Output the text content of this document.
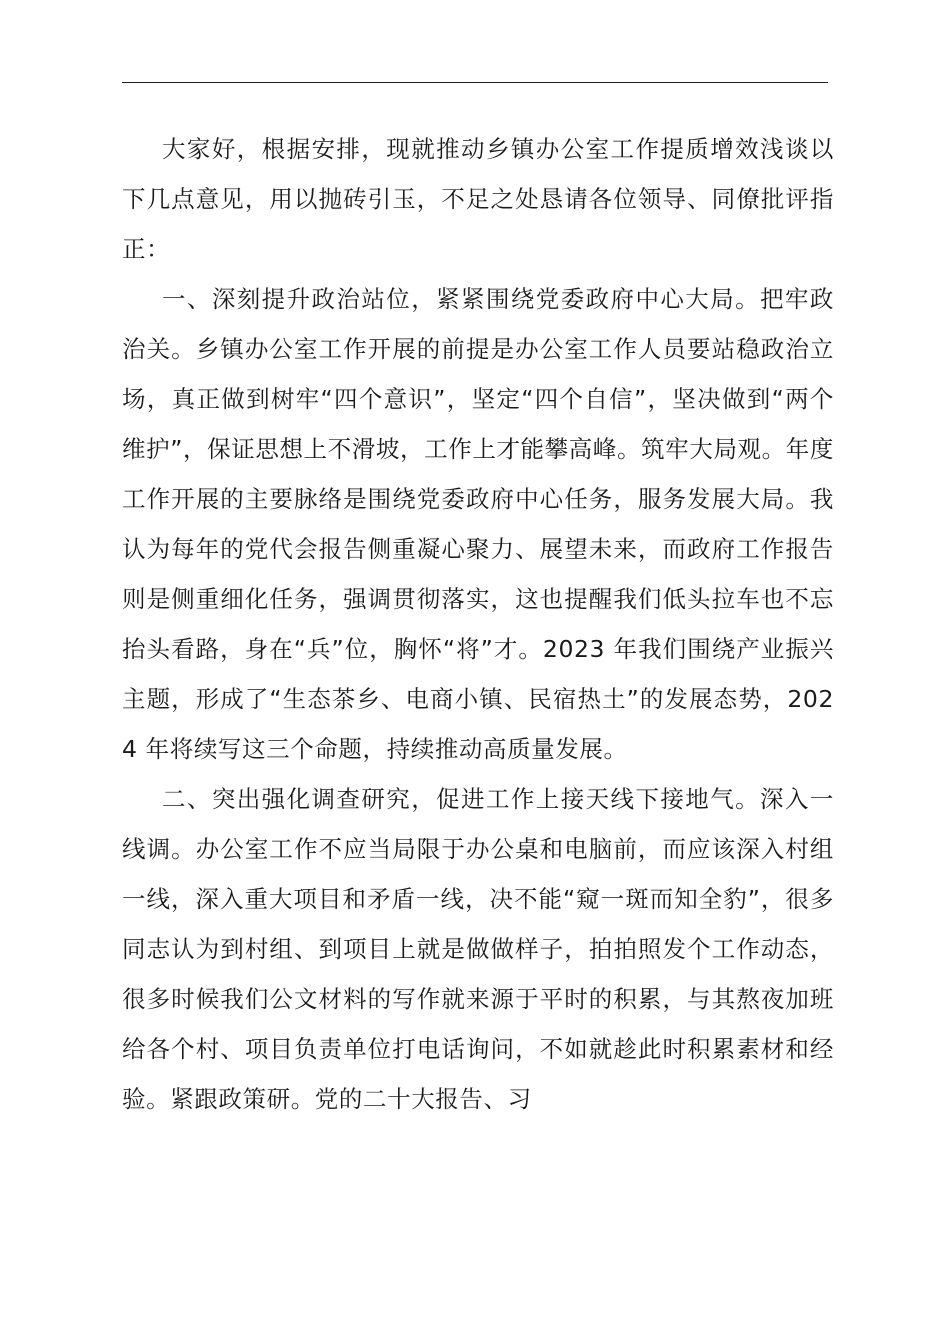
大家好，根据安排，现就推动乡镇办公室工作提质增效浅谈以下几点意见，用以抛砖引玉，不足之处恳请各位领导、同僚批评指正：

一、深刻提升政治站位，紧紧围绕党委政府中心大局。把牢政治关。乡镇办公室工作开展的前提是办公室工作人员要站稳政治立场，真正做到树牢“四个意识”，坚定“四个自信”，坚决做到“两个维护”，保证思想上不滑坡，工作上才能攀高峰。筑牢大局观。年度工作开展的主要脉络是围绕党委政府中心任务，服务发展大局。我认为每年的党代会报告侧重凝心聚力、展望未来，而政府工作报告则是侧重细化任务，强调贯彻落实，这也提醒我们低头拉车也不忘抬头看路，身在“兵”位，胸怀“将”才。2023 年我们围绕产业振兴主题，形成了“生态茶乡、电商小镇、民宿热土”的发展态势，2024 年将续写这三个命题，持续推动高质量发展。

二、突出强化调查研究，促进工作上接天线下接地气。深入一线调。办公室工作不应当局限于办公桌和电脑前，而应该深入村组一线，深入重大项目和矛盾一线，决不能“窥一斑而知全豹”，很多同志认为到村组、到项目上就是做做样子，拍拍照发个工作动态，很多时候我们公文材料的写作就来源于平时的积累，与其熬夜加班给各个村、项目负责单位打电话询问，不如就趁此时积累素材和经验。紧跟政策研。党的二十大报告、习
